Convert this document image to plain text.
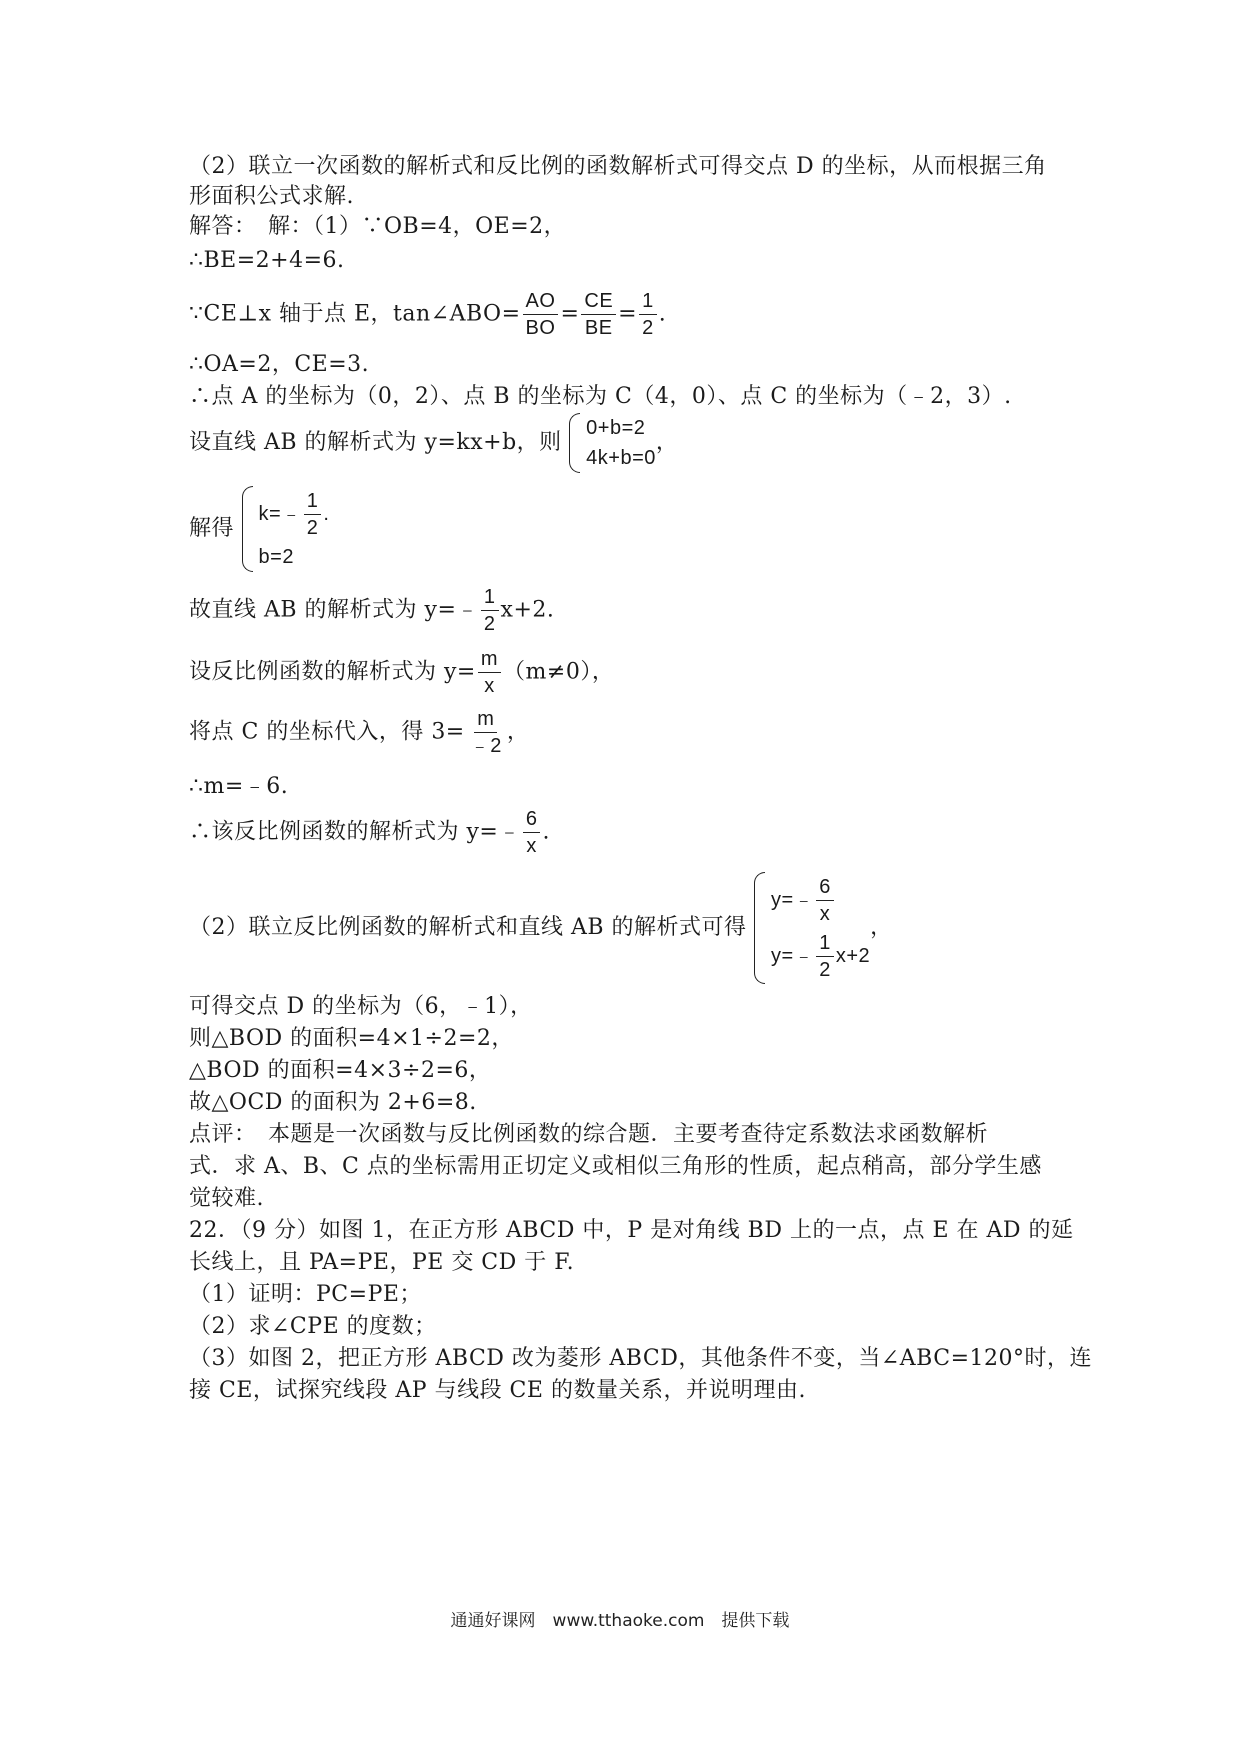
（2）联立一次函数的解析式和反比例的函数解析式可得交点 D 的坐标，从而根据三角
形面积公式求解.
解答：　解：（1）∵OB=4，OE=2，
∴BE=2+4=6.
∵CE⊥x 轴于点 E，tan∠ABO= $\frac{AO}{BO} = \frac{CE}{BE} = \frac{1}{2}$ .
∴OA=2，CE=3.
∴点 A 的坐标为（0，2）、点 B 的坐标为 C（4，0）、点 C 的坐标为（﹣2，3）.
设直线 AB 的解析式为 y=kx+b，则
0+b=2
4k+b=0
，
解得
k=﹣ $\frac{1}{2}$ .
b=2
故直线 AB 的解析式为 y=﹣ $\frac{1}{2} x+2$.
设反比例函数的解析式为 $y= \frac{m}{x} (m\ne 0)$，
将点 C 的坐标代入，得 $3= \frac{m}{﹣2}$ ，
∴m=﹣6.
∴该反比例函数的解析式为 y=﹣ $\frac{6}{x}$ .
（2）联立反比例函数的解析式和直线 AB 的解析式可得
y=﹣ $\frac{6}{x}$
y=﹣ $\frac{1}{2} x+2$
，
可得交点 D 的坐标为（6，﹣1），
则△BOD 的面积=4×1÷2=2，
△BOD 的面积=4×3÷2=6，
故△OCD 的面积为 2+6=8.
点评：　本题是一次函数与反比例函数的综合题．主要考查待定系数法求函数解析
式．求 A、B、C 点的坐标需用正切定义或相似三角形的性质，起点稍高，部分学生感
觉较难.
22．（9 分）如图 1，在正方形 ABCD 中，P 是对角线 BD 上的一点，点 E 在 AD 的延
长线上，且 PA=PE，PE 交 CD 于 F.
（1）证明：PC=PE；
（2）求∠CPE 的度数；
（3）如图 2，把正方形 ABCD 改为菱形 ABCD，其他条件不变，当∠ABC=120°时，连
接 CE，试探究线段 AP 与线段 CE 的数量关系，并说明理由.
通通好课网　www.tthaoke.com　提供下载
